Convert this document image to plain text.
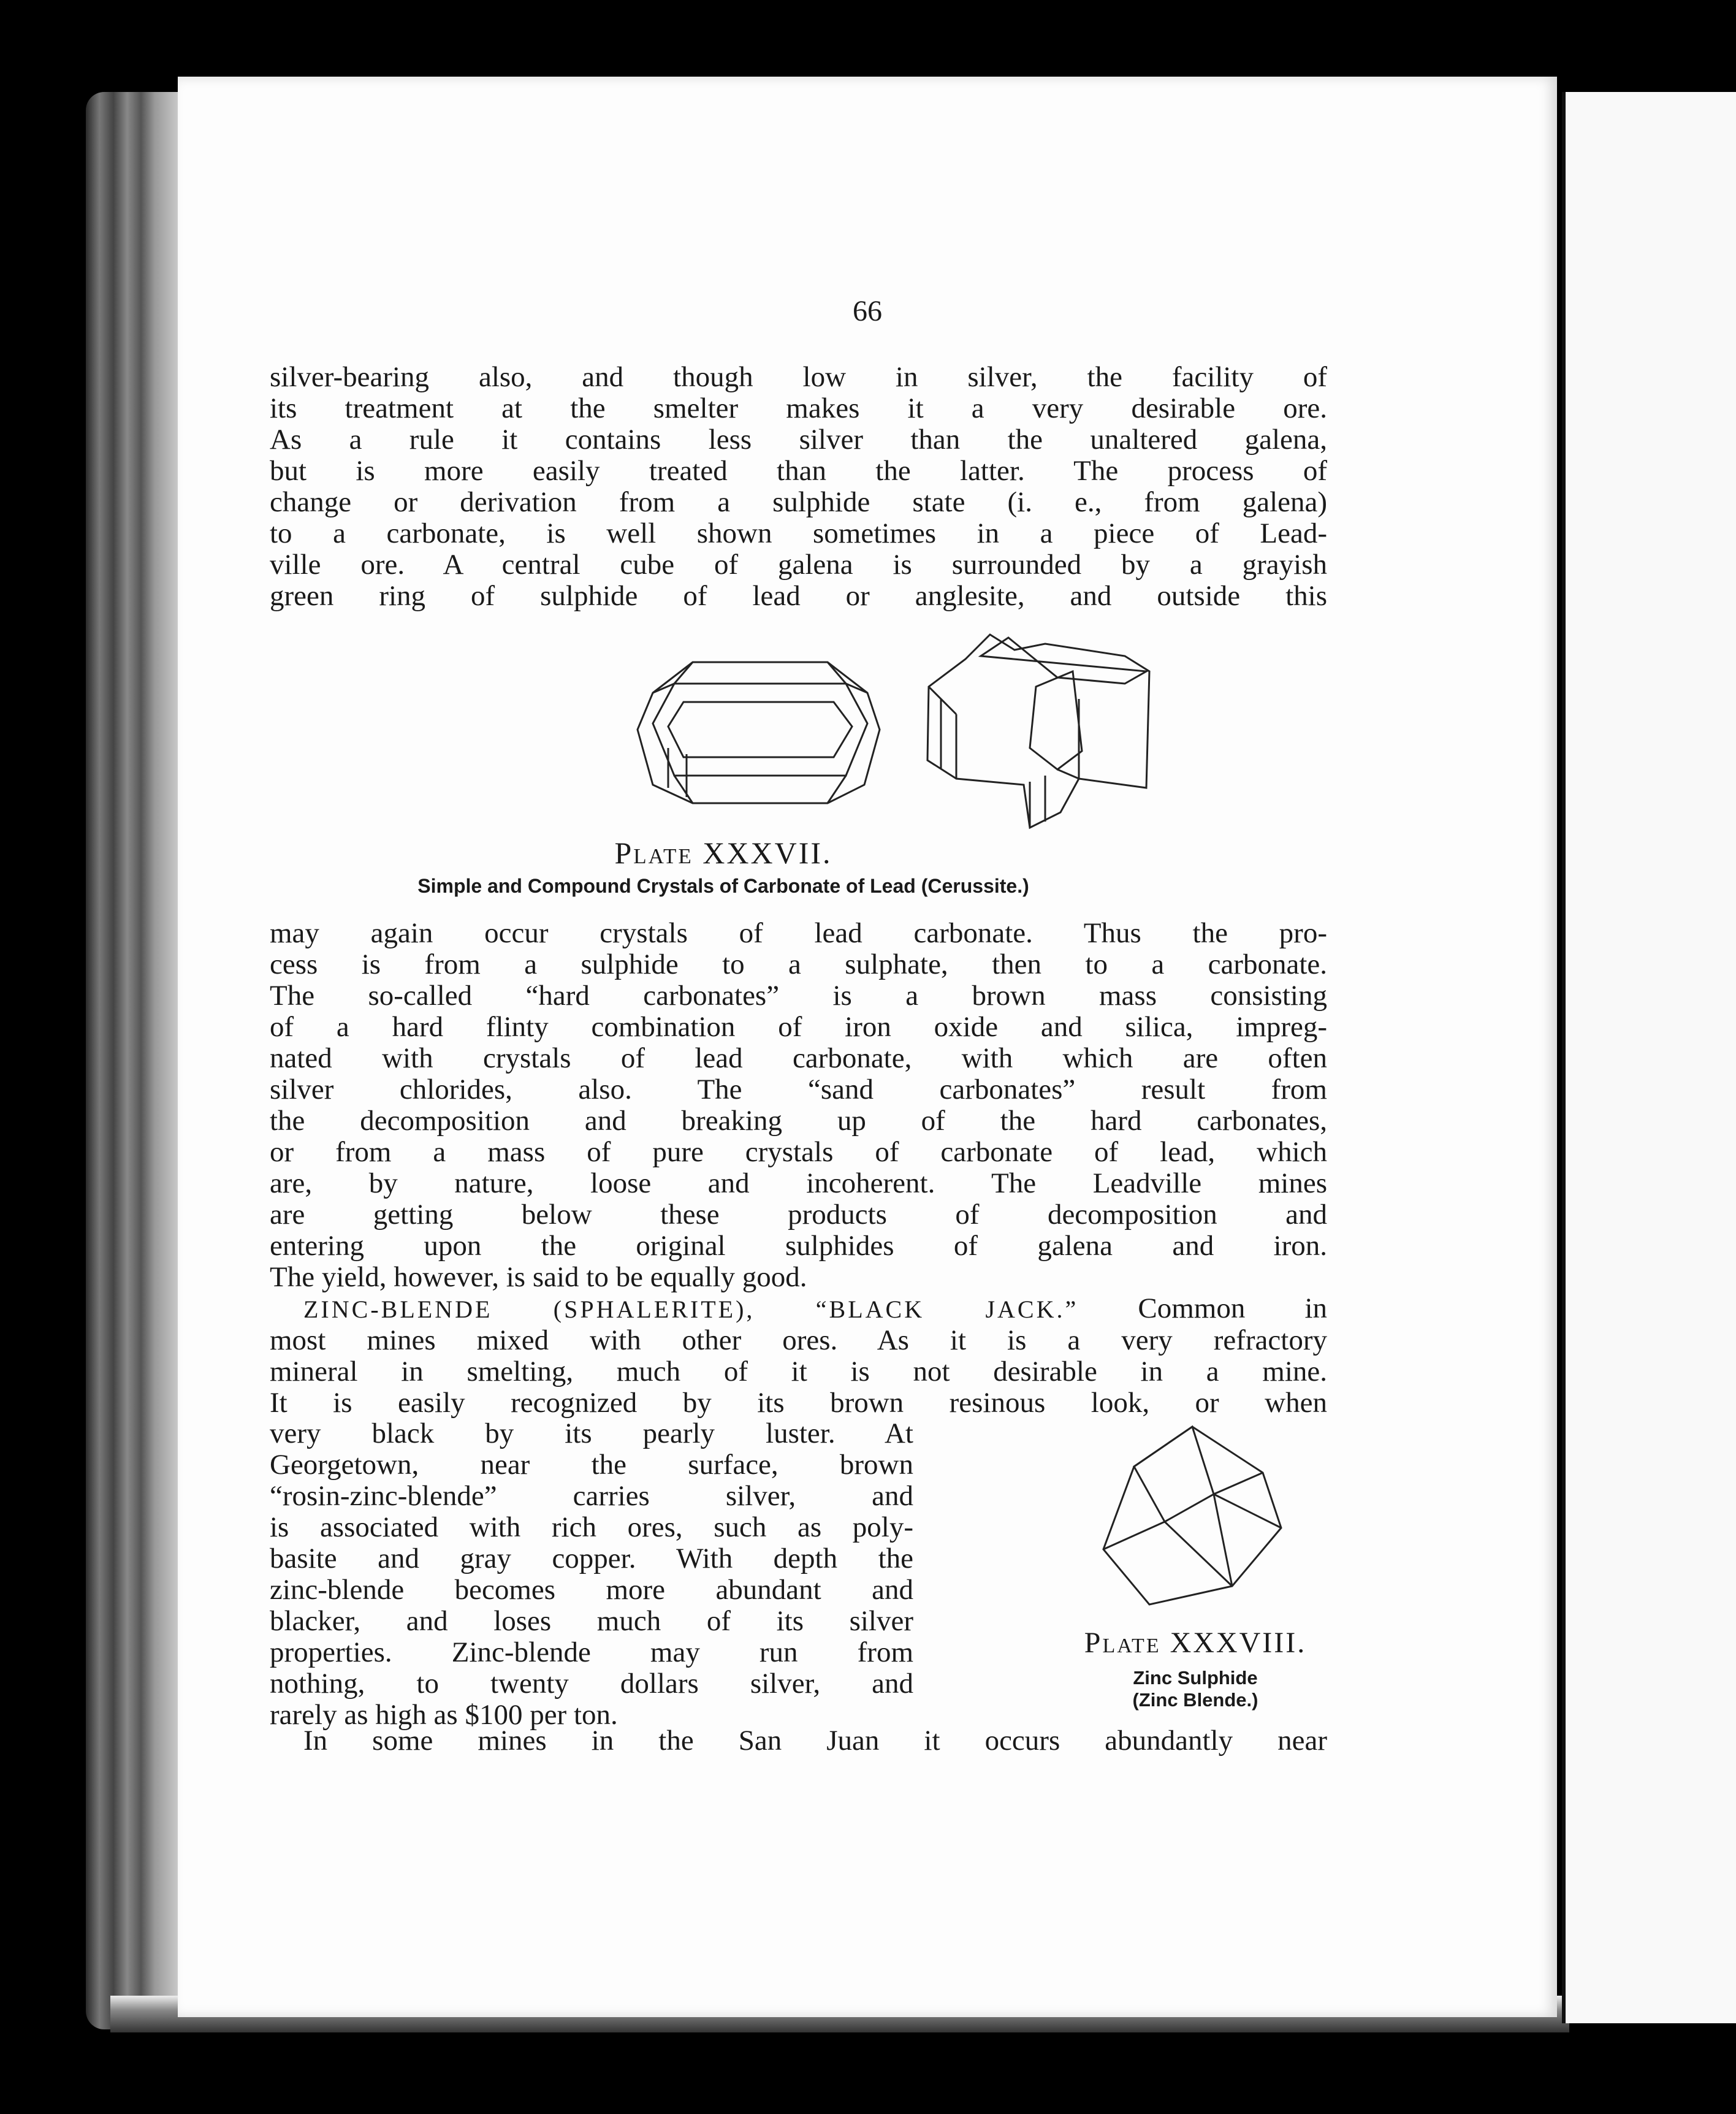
66
silver-bearing also, and though low in silver, the facility of
its treatment at the smelter makes it a very desirable ore.
As a rule it contains less silver than the unaltered galena,
but is more easily treated than the latter. The process of
change or derivation from a sulphide state (i. e., from galena)
to a carbonate, is well shown sometimes in a piece of Lead-
ville ore. A central cube of galena is surrounded by a grayish
green ring of sulphide of lead or anglesite, and outside this
Plate XXXVII.
Simple and Compound Crystals of Carbonate of Lead (Cerussite.)
may again occur crystals of lead carbonate. Thus the pro-
cess is from a sulphide to a sulphate, then to a carbonate.
The so-called “hard carbonates” is a brown mass consisting
of a hard flinty combination of iron oxide and silica, impreg-
nated with crystals of lead carbonate, with which are often
silver chlorides, also. The “sand carbonates” result from
the decomposition and breaking up of the hard carbonates,
or from a mass of pure crystals of carbonate of lead, which
are, by nature, loose and incoherent. The Leadville mines
are getting below these products of decomposition and
entering upon the original sulphides of galena and iron.
The yield, however, is said to be equally good.
ZINC-BLENDE (SPHALERITE), “BLACK JACK.” Common in
most mines mixed with other ores. As it is a very refractory
mineral in smelting, much of it is not desirable in a mine.
It is easily recognized by its brown resinous look, or when
very black by its pearly luster. At
Georgetown, near the surface, brown
“rosin-zinc-blende” carries silver, and
is associated with rich ores, such as poly-
basite and gray copper. With depth the
zinc-blende becomes more abundant and
blacker, and loses much of its silver
properties. Zinc-blende may run from
nothing, to twenty dollars silver, and
rarely as high as $100 per ton.
Plate XXXVIII.
Zinc Sulphide
(Zinc Blende.)
In some mines in the San Juan it occurs abundantly near
